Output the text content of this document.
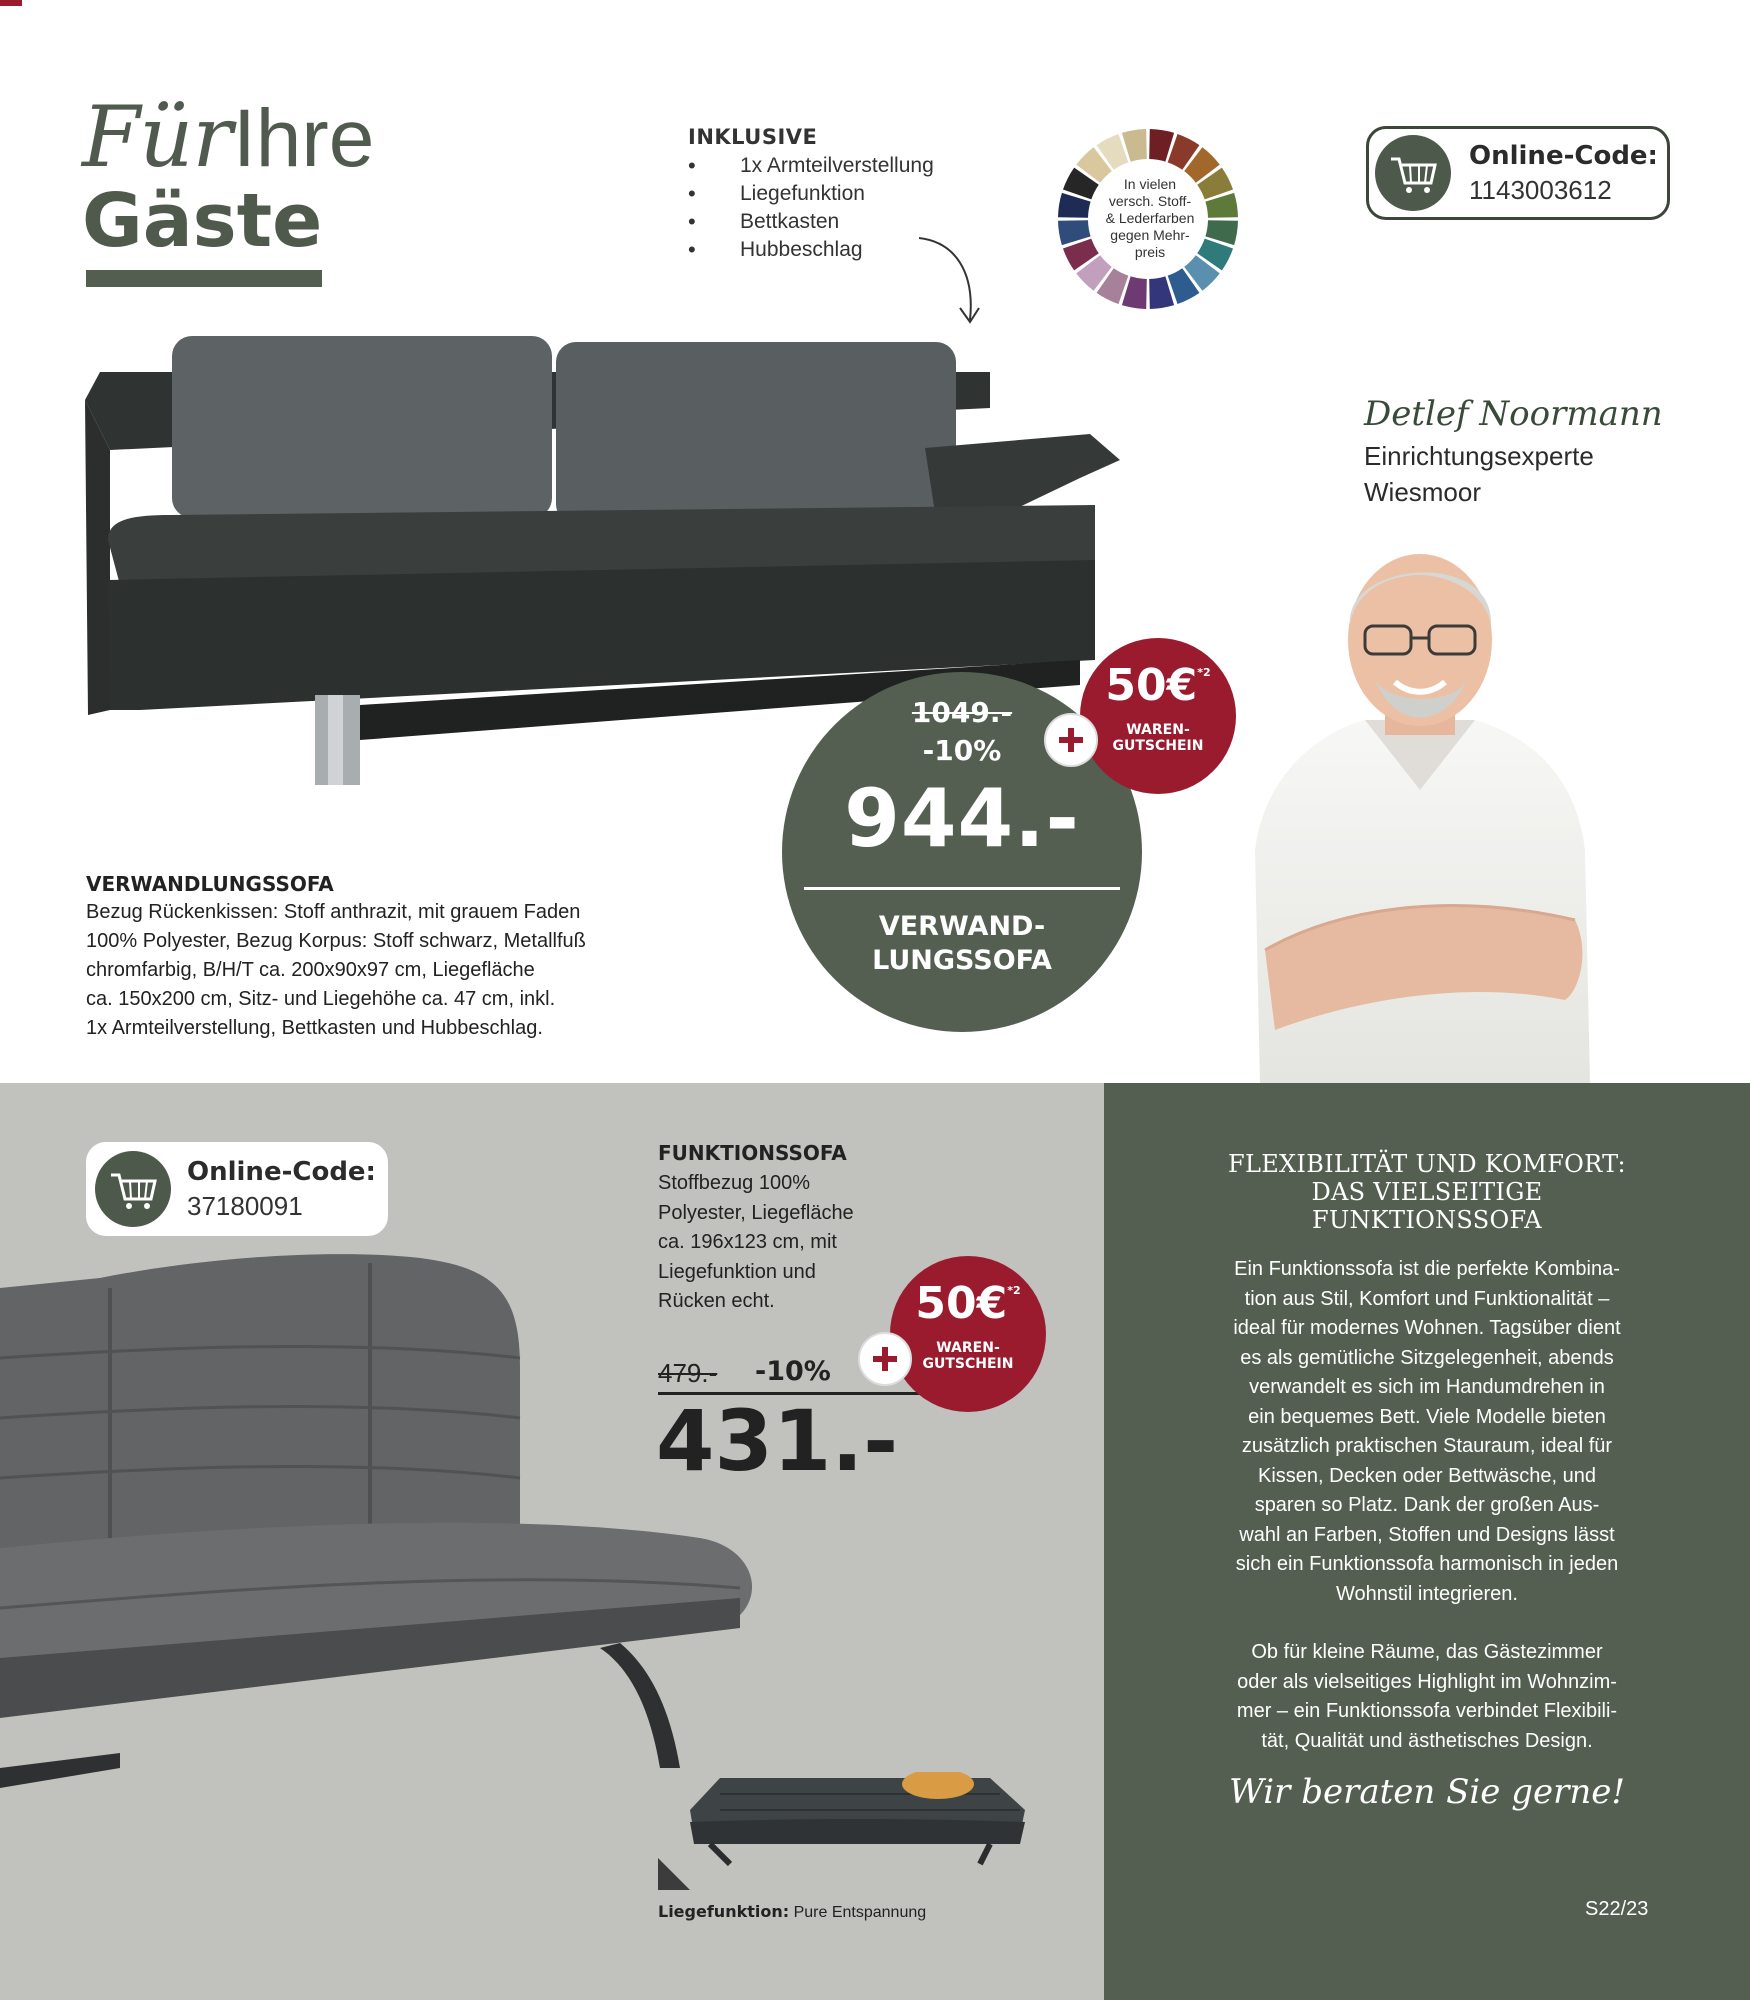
Für Ihre
Gäste
INKLUSIVE
• 1x Armteilverstellung
• Liegefunktion
• Bettkasten
• Hubbeschlag
In vielen
versch. Stoff-
& Lederfarben
gegen Mehr-
preis
Online-Code:
1143003612
Detlef Noormann
Einrichtungsexperte
Wiesmoor
VERWANDLUNGSSOFA
Bezug Rückenkissen: Stoff anthrazit, mit grauem Faden
100% Polyester, Bezug Korpus: Stoff schwarz, Metallfuß
chromfarbig, B/H/T ca. 200x90x97 cm, Liegefläche
ca. 150x200 cm, Sitz- und Liegehöhe ca. 47 cm, inkl.
1x Armteilverstellung, Bettkasten und Hubbeschlag.
1049.-
-10%
944.-
VERWAND-
LUNGSSOFA
50€$^{*2}$
WAREN-
GUTSCHEIN
Online-Code:
37180091
FUNKTIONSSOFA
Stoffbezug 100%
Polyester, Liegefläche
ca. 196x123 cm, mit
Liegefunktion und
Rücken echt.
479.- -10%
431.-
50€$^{*2}$
WAREN-
GUTSCHEIN
Liegefunktion: Pure Entspannung
FLEXIBILITÄT UND KOMFORT:
DAS VIELSEITIGE
FUNKTIONSSOFA
Ein Funktionssofa ist die perfekte Kombina-
tion aus Stil, Komfort und Funktionalität –
ideal für modernes Wohnen. Tagsüber dient
es als gemütliche Sitzgelegenheit, abends
verwandelt es sich im Handumdrehen in
ein bequemes Bett. Viele Modelle bieten
zusätzlich praktischen Stauraum, ideal für
Kissen, Decken oder Bettwäsche, und
sparen so Platz. Dank der großen Aus-
wahl an Farben, Stoffen und Designs lässt
sich ein Funktionssofa harmonisch in jeden
Wohnstil integrieren.
Ob für kleine Räume, das Gästezimmer
oder als vielseitiges Highlight im Wohnzim-
mer – ein Funktionssofa verbindet Flexibili-
tät, Qualität und ästhetisches Design.
Wir beraten Sie gerne!
S22/23
